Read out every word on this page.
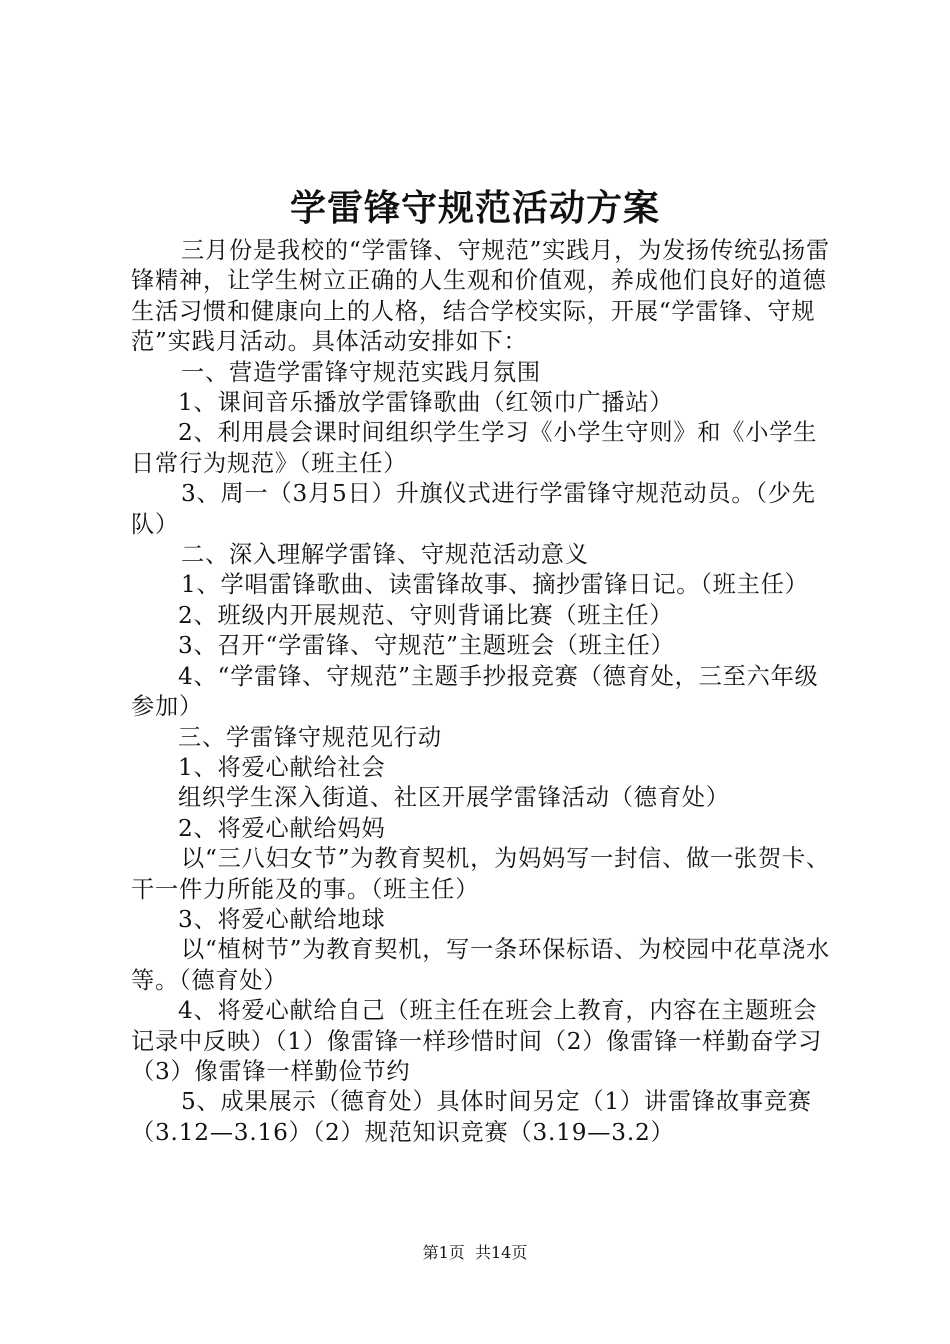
学雷锋守规范活动方案

三月份是我校的“学雷锋、守规范”实践月，为发扬传统弘扬雷锋精神，让学生树立正确的人生观和价值观，养成他们良好的道德生活习惯和健康向上的人格，结合学校实际，开展“学雷锋、守规范”实践月活动。具体活动安排如下：

一、营造学雷锋守规范实践月氛围

1、课间音乐播放学雷锋歌曲（红领巾广播站）

2、利用晨会课时间组织学生学习《小学生守则》和《小学生日常行为规范》（班主任）

3、周一（3月5日）升旗仪式进行学雷锋守规范动员。（少先队）

二、深入理解学雷锋、守规范活动意义

1、学唱雷锋歌曲、读雷锋故事、摘抄雷锋日记。（班主任）

2、班级内开展规范、守则背诵比赛（班主任）

3、召开“学雷锋、守规范”主题班会（班主任）

4、“学雷锋、守规范”主题手抄报竞赛（德育处，三至六年级参加）

三、学雷锋守规范见行动

1、将爱心献给社会

组织学生深入街道、社区开展学雷锋活动（德育处）

2、将爱心献给妈妈

以“三八妇女节”为教育契机，为妈妈写一封信、做一张贺卡、干一件力所能及的事。（班主任）

3、将爱心献给地球

以“植树节”为教育契机，写一条环保标语、为校园中花草浇水等。（德育处）

4、将爱心献给自己（班主任在班会上教育，内容在主题班会记录中反映）（1）像雷锋一样珍惜时间（2）像雷锋一样勤奋学习（3）像雷锋一样勤俭节约

5、成果展示（德育处）具体时间另定（1）讲雷锋故事竞赛（3.12—3.16）（2）规范知识竞赛（3.19—3.2）

第1页 共14页
